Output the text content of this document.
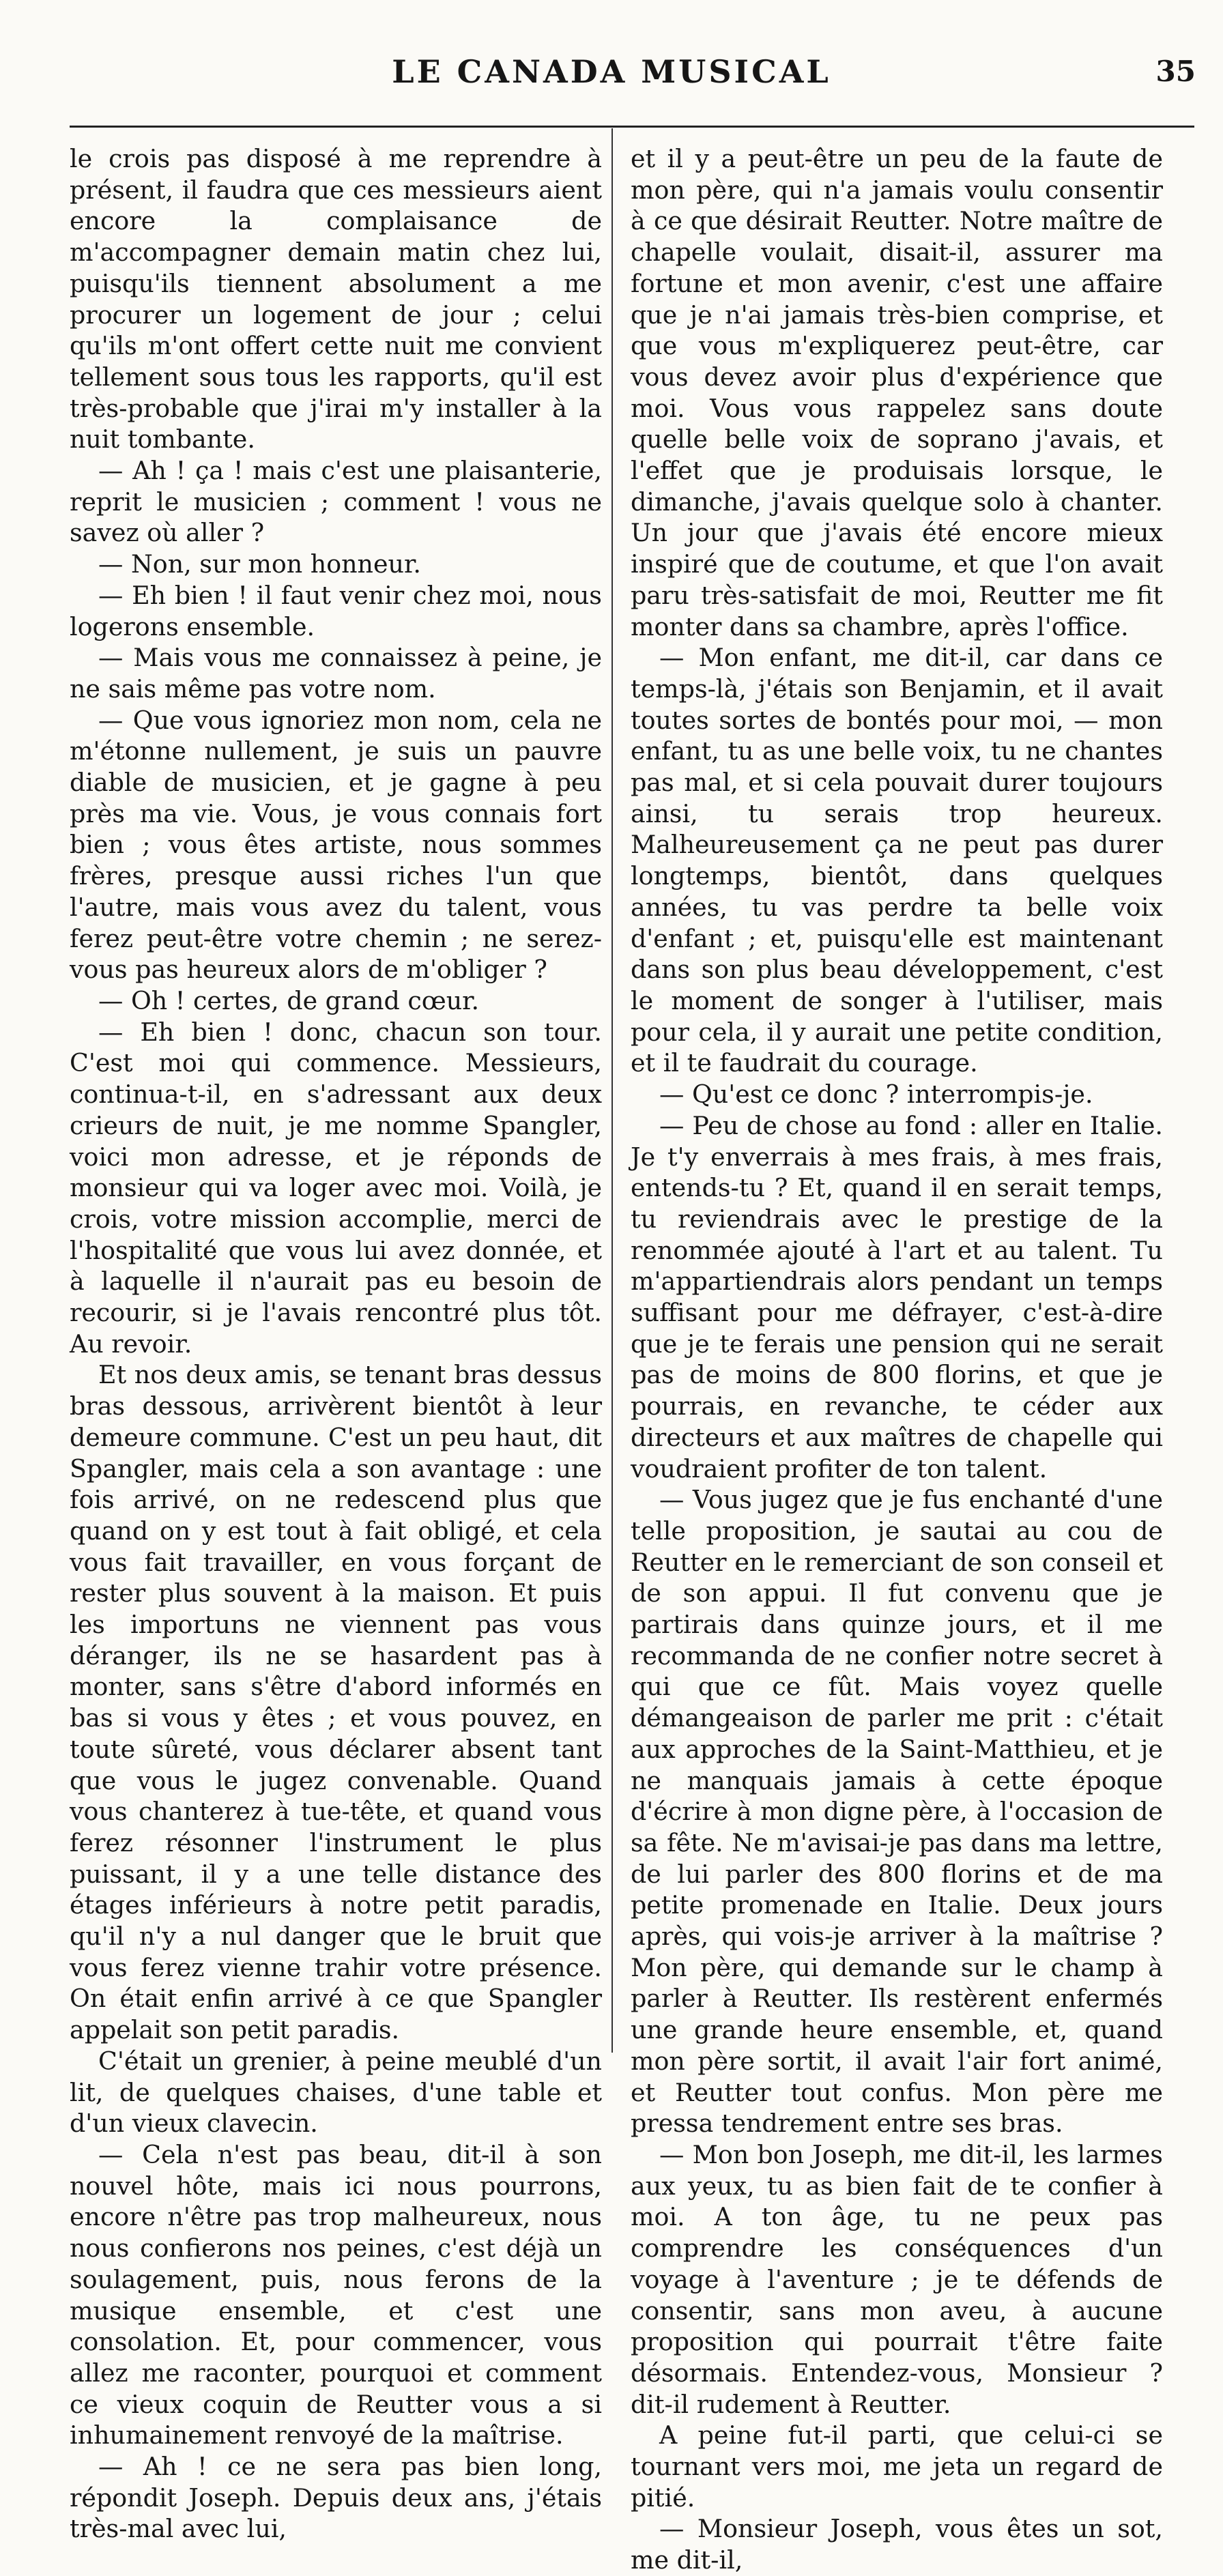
LE CANADA MUSICAL	35

le crois pas disposé à me reprendre à présent, il faudra que ces messieurs aient encore la complaisance de m'accompagner demain matin chez lui, puisqu'ils tiennent absolument a me procurer un logement de jour ; celui qu'ils m'ont offert cette nuit me convient tellement sous tous les rapports, qu'il est très-probable que j'irai m'y installer à la nuit tombante.

— Ah ! ça ! mais c'est une plaisanterie, reprit le musicien ; comment ! vous ne savez où aller ?

— Non, sur mon honneur.

— Eh bien ! il faut venir chez moi, nous logerons ensemble.

— Mais vous me connaissez à peine, je ne sais même pas votre nom.

— Que vous ignoriez mon nom, cela ne m'étonne nullement, je suis un pauvre diable de musicien, et je gagne à peu près ma vie. Vous, je vous connais fort bien ; vous êtes artiste, nous sommes frères, presque aussi riches l'un que l'autre, mais vous avez du talent, vous ferez peut-être votre chemin ; ne serez-vous pas heureux alors de m'obliger ?

— Oh ! certes, de grand cœur.

— Eh bien ! donc, chacun son tour. C'est moi qui commence. Messieurs, continua-t-il, en s'adressant aux deux crieurs de nuit, je me nomme Spangler, voici mon adresse, et je réponds de monsieur qui va loger avec moi. Voilà, je crois, votre mission accomplie, merci de l'hospitalité que vous lui avez donnée, et à laquelle il n'aurait pas eu besoin de recourir, si je l'avais rencontré plus tôt. Au revoir.

Et nos deux amis, se tenant bras dessus bras dessous, arrivèrent bientôt à leur demeure commune. C'est un peu haut, dit Spangler, mais cela a son avantage : une fois arrivé, on ne redescend plus que quand on y est tout à fait obligé, et cela vous fait travailler, en vous forçant de rester plus souvent à la maison. Et puis les importuns ne viennent pas vous déranger, ils ne se hasardent pas à monter, sans s'être d'abord informés en bas si vous y êtes ; et vous pouvez, en toute sûreté, vous déclarer absent tant que vous le jugez convenable. Quand vous chanterez à tue-tête, et quand vous ferez résonner l'instrument le plus puissant, il y a une telle distance des étages inférieurs à notre petit paradis, qu'il n'y a nul danger que le bruit que vous ferez vienne trahir votre présence. On était enfin arrivé à ce que Spangler appelait son petit paradis.

C'était un grenier, à peine meublé d'un lit, de quelques chaises, d'une table et d'un vieux clavecin.

— Cela n'est pas beau, dit-il à son nouvel hôte, mais ici nous pourrons, encore n'être pas trop malheureux, nous nous confierons nos peines, c'est déjà un soulagement, puis, nous ferons de la musique ensemble, et c'est une consolation. Et, pour commencer, vous allez me raconter, pourquoi et comment ce vieux coquin de Reutter vous a si inhumainement renvoyé de la maîtrise.

— Ah ! ce ne sera pas bien long, répondit Joseph. Depuis deux ans, j'étais très-mal avec lui,

et il y a peut-être un peu de la faute de mon père, qui n'a jamais voulu consentir à ce que désirait Reutter. Notre maître de chapelle voulait, disait-il, assurer ma fortune et mon avenir, c'est une affaire que je n'ai jamais très-bien comprise, et que vous m'expliquerez peut-être, car vous devez avoir plus d'expérience que moi. Vous vous rappelez sans doute quelle belle voix de soprano j'avais, et l'effet que je produisais lorsque, le dimanche, j'avais quelque solo à chanter. Un jour que j'avais été encore mieux inspiré que de coutume, et que l'on avait paru très-satisfait de moi, Reutter me fit monter dans sa chambre, après l'office.

— Mon enfant, me dit-il, car dans ce temps-là, j'étais son Benjamin, et il avait toutes sortes de bontés pour moi, — mon enfant, tu as une belle voix, tu ne chantes pas mal, et si cela pouvait durer toujours ainsi, tu serais trop heureux. Malheureusement ça ne peut pas durer longtemps, bientôt, dans quelques années, tu vas perdre ta belle voix d'enfant ; et, puisqu'elle est maintenant dans son plus beau développement, c'est le moment de songer à l'utiliser, mais pour cela, il y aurait une petite condition, et il te faudrait du courage.

— Qu'est ce donc ? interrompis-je.

— Peu de chose au fond : aller en Italie. Je t'y enverrais à mes frais, à mes frais, entends-tu ? Et, quand il en serait temps, tu reviendrais avec le prestige de la renommée ajouté à l'art et au talent. Tu m'appartiendrais alors pendant un temps suffisant pour me défrayer, c'est-à-dire que je te ferais une pension qui ne serait pas de moins de 800 florins, et que je pourrais, en revanche, te céder aux directeurs et aux maîtres de chapelle qui voudraient profiter de ton talent.

— Vous jugez que je fus enchanté d'une telle proposition, je sautai au cou de Reutter en le remerciant de son conseil et de son appui. Il fut convenu que je partirais dans quinze jours, et il me recommanda de ne confier notre secret à qui que ce fût. Mais voyez quelle démangeaison de parler me prit : c'était aux approches de la Saint-Matthieu, et je ne manquais jamais à cette époque d'écrire à mon digne père, à l'occasion de sa fête. Ne m'avisai-je pas dans ma lettre, de lui parler des 800 florins et de ma petite promenade en Italie. Deux jours après, qui vois-je arriver à la maîtrise ? Mon père, qui demande sur le champ à parler à Reutter. Ils restèrent enfermés une grande heure ensemble, et, quand mon père sortit, il avait l'air fort animé, et Reutter tout confus. Mon père me pressa tendrement entre ses bras.

— Mon bon Joseph, me dit-il, les larmes aux yeux, tu as bien fait de te confier à moi. A ton âge, tu ne peux pas comprendre les conséquences d'un voyage à l'aventure ; je te défends de consentir, sans mon aveu, à aucune proposition qui pourrait t'être faite désormais. Entendez-vous, Monsieur ? dit-il rudement à Reutter.

A peine fut-il parti, que celui-ci se tournant vers moi, me jeta un regard de pitié.

— Monsieur Joseph, vous êtes un sot, me dit-il,
